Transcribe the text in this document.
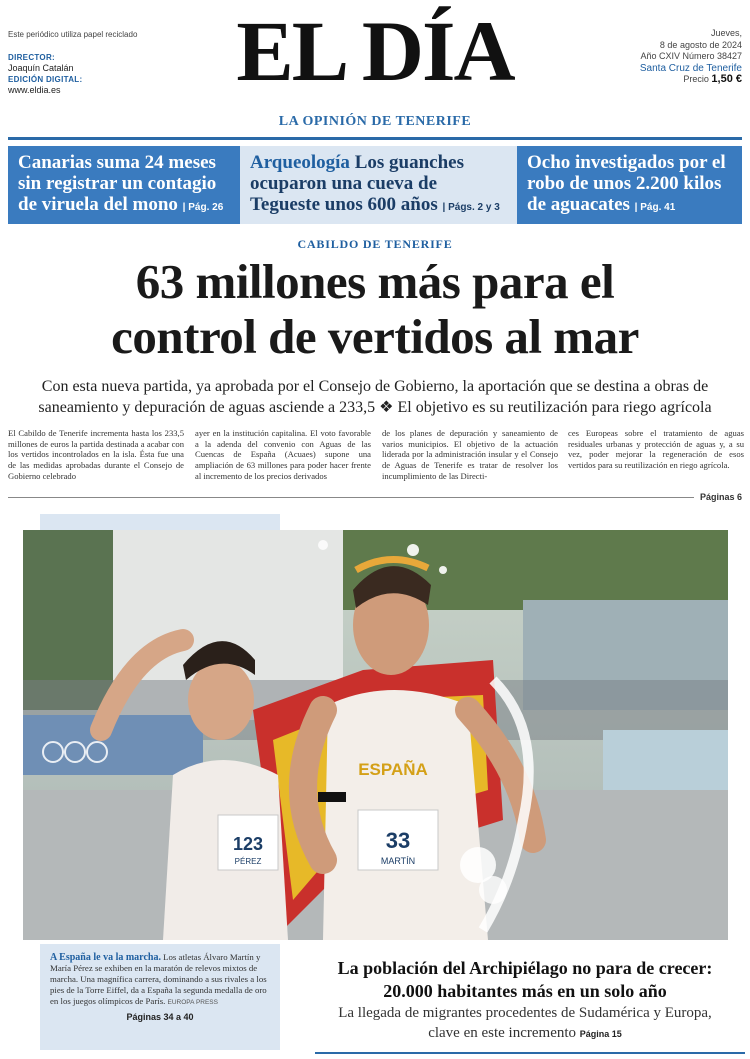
Este periódico utiliza papel reciclado
DIRECTOR:
Joaquín Catalán
EDICIÓN DIGITAL:
www.eldia.es	EL DÍA
LA OPINIÓN DE TENERIFE
Jueves,
8 de agosto de 2024
Año CXIV Número 38427
Santa Cruz de Tenerife
Precio 1,50 €
Canarias suma 24 meses sin registrar un contagio de viruela del mono | Pág. 26
Arqueología Los guanches ocuparon una cueva de Tegueste unos 600 años | Págs. 2 y 3
Ocho investigados por el robo de unos 2.200 kilos de aguacates | Pág. 41
CABILDO DE TENERIFE
63 millones más para el
control de vertidos al mar
Con esta nueva partida, ya aprobada por el Consejo de Gobierno, la aportación que se destina a obras de saneamiento y depuración de aguas asciende a 233,5 ❖ El objetivo es su reutilización para riego agrícola
El Cabildo de Tenerife incrementa hasta los 233,5 millones de euros la partida destinada a acabar con los vertidos incontrolados en la isla. Ésta fue una de las medidas aprobadas durante el Consejo de Gobierno celebrado
ayer en la institución capitalina. El voto favorable a la adenda del convenio con Aguas de las Cuencas de España (Acuaes) supone una ampliación de 63 millones para poder hacer frente al incremento de los precios derivados
de los planes de depuración y saneamiento de varios municipios. El objetivo de la actuación liderada por la administración insular y el Consejo de Aguas de Tenerife es tratar de resolver los incumplimiento de las Directi-
ces Europeas sobre el tratamiento de aguas residuales urbanas y protección de aguas y, a su vez, poder mejorar la regeneración de esos vertidos para su reutilización en riego agrícola.
Páginas 6
123
PÉREZ
ESPAÑA
33
MARTÍN
A España le va la marcha. Los atletas Álvaro Martín y María Pérez se exhiben en la maratón de relevos mixtos de marcha. Una magnífica carrera, dominando a sus rivales a los pies de la Torre Eiffel, da a España la segunda medalla de oro en los juegos olímpicos de París. EUROPA PRESS
Páginas 34 a 40
La población del Archipiélago no para de crecer: 20.000 habitantes más en un solo año
La llegada de migrantes procedentes de Sudamérica y Europa, clave en este incremento Página 15
